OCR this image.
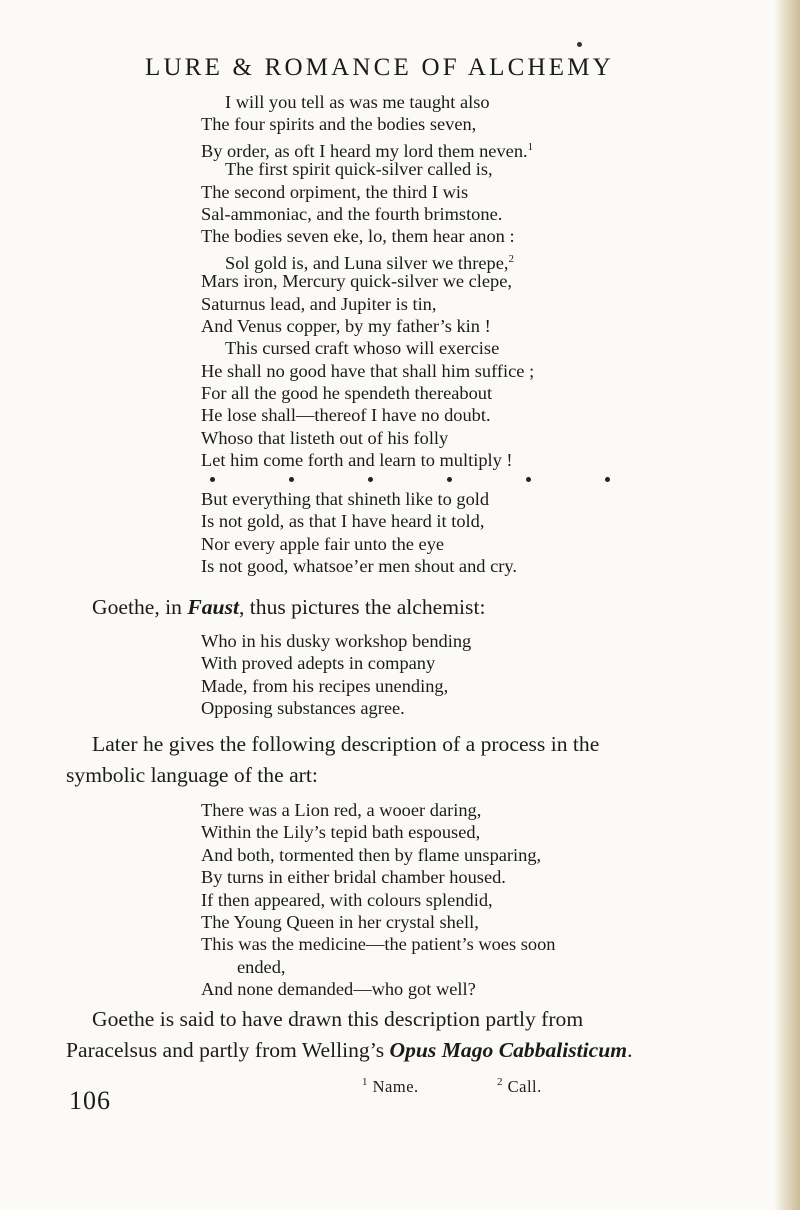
LURE & ROMANCE OF ALCHEMY
I will you tell as was me taught also
The four spirits and the bodies seven,
By order, as oft I heard my lord them neven.$^1$
The first spirit quick-silver called is,
The second orpiment, the third I wis
Sal-ammoniac, and the fourth brimstone.
The bodies seven eke, lo, them hear anon :
Sol gold is, and Luna silver we threpe,$^2$
Mars iron, Mercury quick-silver we clepe,
Saturnus lead, and Jupiter is tin,
And Venus copper, by my father’s kin !
This cursed craft whoso will exercise
He shall no good have that shall him suffice ;
For all the good he spendeth thereabout
He lose shall—thereof I have no doubt.
Whoso that listeth out of his folly
Let him come forth and learn to multiply !
But everything that shineth like to gold
Is not gold, as that I have heard it told,
Nor every apple fair unto the eye
Is not good, whatsoe’er men shout and cry.
Goethe, in Faust, thus pictures the alchemist:
Who in his dusky workshop bending
With proved adepts in company
Made, from his recipes unending,
Opposing substances agree.
Later he gives the following description of a process in the
symbolic language of the art:
There was a Lion red, a wooer daring,
Within the Lily’s tepid bath espoused,
And both, tormented then by flame unsparing,
By turns in either bridal chamber housed.
If then appeared, with colours splendid,
The Young Queen in her crystal shell,
This was the medicine—the patient’s woes soon
ended,
And none demanded—who got well?
Goethe is said to have drawn this description partly from
Paracelsus and partly from Welling’s Opus Mago Cabbalisticum.
$^1$ Name.	$^2$ Call.
106
